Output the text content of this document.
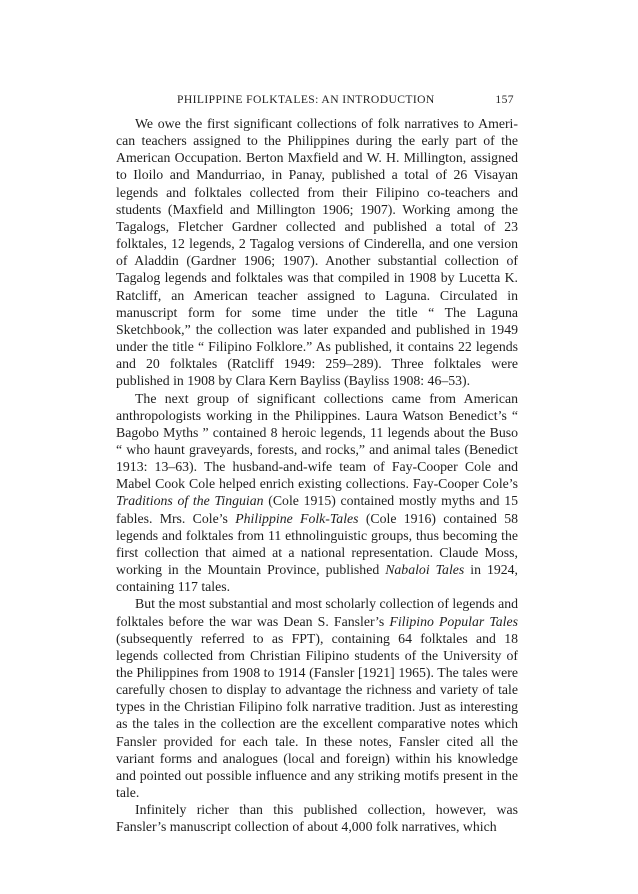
PHILIPPINE FOLKTALES: AN INTRODUCTION	157

We owe the first significant collections of folk narratives to American teachers assigned to the Philippines during the early part of the American Occupation. Berton Maxfield and W. H. Millington, assigned to Iloilo and Mandurriao, in Panay, published a total of 26 Visayan legends and folktales collected from their Filipino co-teachers and students (Maxfield and Millington 1906; 1907). Working among the Tagalogs, Fletcher Gardner collected and published a total of 23 folktales, 12 legends, 2 Tagalog versions of Cinderella, and one version of Aladdin (Gardner 1906; 1907). Another substantial collection of Tagalog legends and folktales was that compiled in 1908 by Lucetta K. Ratcliff, an American teacher assigned to Laguna. Circulated in manuscript form for some time under the title “ The Laguna Sketchbook,” the collection was later expanded and published in 1949 under the title “ Filipino Folklore.” As published, it contains 22 legends and 20 folktales (Ratcliff 1949: 259–289). Three folktales were published in 1908 by Clara Kern Bayliss (Bayliss 1908: 46–53).

The next group of significant collections came from American anthropologists working in the Philippines. Laura Watson Benedict’s “ Bagobo Myths ” contained 8 heroic legends, 11 legends about the Buso “ who haunt graveyards, forests, and rocks,” and animal tales (Benedict 1913: 13–63). The husband-and-wife team of Fay-Cooper Cole and Mabel Cook Cole helped enrich existing collections. Fay-Cooper Cole’s Traditions of the Tinguian (Cole 1915) contained mostly myths and 15 fables. Mrs. Cole’s Philippine Folk-Tales (Cole 1916) contained 58 legends and folktales from 11 ethnolinguistic groups, thus becoming the first collection that aimed at a national representation. Claude Moss, working in the Mountain Province, published Nabaloi Tales in 1924, containing 117 tales.

But the most substantial and most scholarly collection of legends and folktales before the war was Dean S. Fansler’s Filipino Popular Tales (subsequently referred to as FPT), containing 64 folktales and 18 legends collected from Christian Filipino students of the University of the Philippines from 1908 to 1914 (Fansler [1921] 1965). The tales were carefully chosen to display to advantage the richness and variety of tale types in the Christian Filipino folk narrative tradition. Just as interesting as the tales in the collection are the excellent comparative notes which Fansler provided for each tale. In these notes, Fansler cited all the variant forms and analogues (local and foreign) within his knowledge and pointed out possible influence and any striking motifs present in the tale.

Infinitely richer than this published collection, however, was Fansler’s manuscript collection of about 4,000 folk narratives, which
